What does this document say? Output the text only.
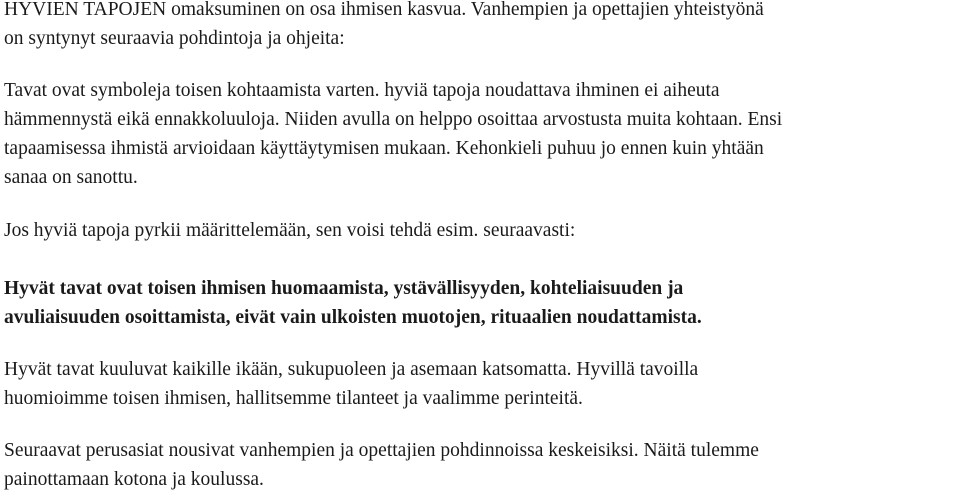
HYVIEN TAPOJEN omaksuminen on osa ihmisen kasvua. Vanhempien ja opettajien yhteistyönä
on syntynyt seuraavia pohdintoja ja ohjeita:

Tavat ovat symboleja toisen kohtaamista varten. hyviä tapoja noudattava ihminen ei aiheuta
hämmennystä eikä ennakkoluuloja. Niiden avulla on helppo osoittaa arvostusta muita kohtaan. Ensi
tapaamisessa ihmistä arvioidaan käyttäytymisen mukaan. Kehonkieli puhuu jo ennen kuin yhtään
sanaa on sanottu.

Jos hyviä tapoja pyrkii määrittelemään, sen voisi tehdä esim. seuraavasti:

Hyvät tavat ovat toisen ihmisen huomaamista, ystävällisyyden, kohteliaisuuden ja
avuliaisuuden osoittamista, eivät vain ulkoisten muotojen, rituaalien noudattamista.

Hyvät tavat kuuluvat kaikille ikään, sukupuoleen ja asemaan katsomatta. Hyvillä tavoilla
huomioimme toisen ihmisen, hallitsemme tilanteet ja vaalimme perinteitä.

Seuraavat perusasiat nousivat vanhempien ja opettajien pohdinnoissa keskeisiksi. Näitä tulemme
painottamaan kotona ja koulussa.
